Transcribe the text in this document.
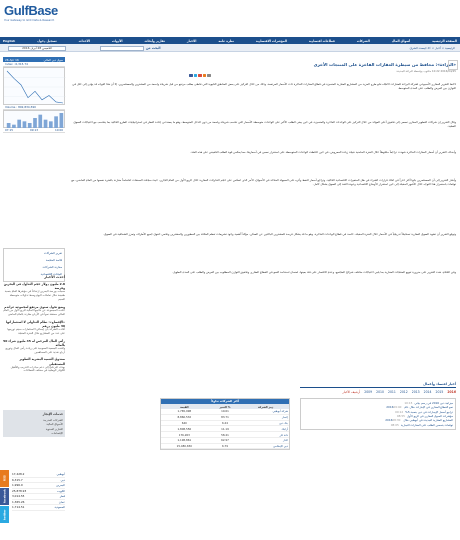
GulfBase
Your Gateway to GCC Data & Research
الصفحة الرئيسية
أسواق المال
الشركات
قطاعات اقتصادية
المؤشرات الاقتصادية
نظرة عامة
الاخبار
تقارير وأبحاث
الأدوات
الأحداث
تسجيل دخول
English
الخميس 28 أبريل 2016	البحث عن	الرئيسية > أخبار > ٥٤ جيست الشرق
26 Apr 16	سوق دبي المالي
Index : 6,315.74
Volume : 892,834,590
07:15	09:13	10:00
تقرير الشركات
قائمة المتابعة
مقارنة الشركات
البيانات الاقتصادية
أحدث الأخبار
2.8 مليون دولار حجم التداول في البحرين وقرصة
سجلت بورصة البحرين ارتفاعاً في مؤشرها العام بنسبة طفيفة خلال تعاملات اليوم وسط تداولات متوسطة الحجم
وضع تحول سنوي مرتفع لمجموعة غراندم
أعلنت المجموعة عن نتائجها المالية للربع الأول من العام الحالي محققة نمواً في الأرباح مقارنة بالعام الماضي
«الإفصاح»: نظام التداولي لا استثماراتها 39 مليون درهم
أفادت الشركة بأن إجمالي الاستثمارات سيتم توزيعها على عدد من المشاريع خلال الفترة المقبلة
رأس المال المرخص له 45 مليون شراء 50 بالمائة
وافقت الجمعية العمومية على زيادة رأس المال وتوزيع أرباح نقدية على المساهمين
صندوق التنمية البشرية التطوير المستقبلي
يهدف البرنامج إلى دعم مبادرات التدريب والتأهيل للكوادر الوطنية في مختلف القطاعات
خدمات الإيجار
الشركات المدرجة
الأسواق المالية
التقارير السنوية
الإفصاحات
17,428.2	أبوظبي
6,315.7	دبي
1,996.9	البحرين
25,878.93	الكويت
3,014.55	قطر
1,365.26	عمان
1,714.51	السعودية
RSS
facebook
twitter
«البراءة»: محافظ من سيطرة العقارات الفاخرة على المنتجات الأخرى
2016/04/25 10:22 مكتوب بواسطة البراءة الجديدة
لاحظ التقرير العقاري الأسبوعي لشركة البراءة للعقارات الاتجاه نحو طرح المزيد من المشاريع العقارية المتميزة في قطاع العقارات الفاخرة ذات الأسعار المرتفعة، وذلك من خلال التركيز على بعض المناطق الحيوية التي تحظى بطلب مرتفع من قبل شريحة واسعة من المشترين والمستثمرين، إلا أن هذا التوجه قد يؤدي إلى خلل في التوازن بين العرض والطلب على المدى المتوسط.
وقال التقرير إن شركات التطوير العقاري تسعى إلى تحقيق أعلى العوائد من خلال التركيز على الوحدات الفاخرة والمتميزة، في حين يبقى الطلب الأكبر على الوحدات متوسطة الأسعار التي تناسب شريحة واسعة من ذوي الدخل المتوسط، وهو ما يستدعي إعادة النظر في استراتيجيات الطرح الحالية بما يتناسب مع احتياجات السوق الفعلية.
وأضاف التقرير أن أسعار العقارات الفاخرة شهدت تراجعاً ملحوظاً خلال الفترة الماضية نتيجة زيادة المعروض، في حين حافظت الوحدات المتوسطة على استقرار نسبي في أسعارها، مما يعكس قوة الطلب الحقيقي على هذه الفئة.
وأشار التقرير إلى أن المستثمرين باتوا أكثر حذراً في اتخاذ قرارات الشراء في ظل المتغيرات الاقتصادية الحالية، وتراجع أسعار النفط وأثره على السيولة المتاحة في الأسواق، الأمر الذي انعكس على حجم التداولات العقارية خلال الربع الأول من العام الجاري، حيث سجلت الصفقات انخفاضاً مقارنة بالفترة نفسها من العام الماضي، مع توقعات باستمرار هذا التوجه خلال الأشهر المقبلة إلى حين استقرار الأوضاع الاقتصادية وعودة الثقة إلى السوق بشكل كامل.
وتوقع التقرير أن تشهد السوق العقارية تصحيحاً تدريجياً في الأسعار خلال الفترة المقبلة، خاصة في قطاع الوحدات الفاخرة، وهو ما قد يشكل فرصة للمشترين الباحثين عن السكن، مؤكداً أهمية وجود تشريعات تنظم العلاقة بين المطورين والمشترين وتحمي حقوق جميع الأطراف وتعزز الشفافية في السوق.
وفي الختام، شدد التقرير على ضرورة تنويع المنتجات العقارية بما يلبي احتياجات مختلف شرائح المجتمع، وعدم الاقتصار على فئة بعينها، لضمان استدامة النمو في القطاع العقاري وتحقيق التوازن المطلوب بين العرض والطلب على المدى الطويل.
أخبار اقتصاد وأعمال
2016
2015
2014
2013
2012
2011
2010
2009
أرشيف الأخبار
ميزانية دبي 2016 في رسم بياني10:15
نمو القطاع العقاري في الإمارات خلال عام 201609:40
تراجع أسعار الإيجارات في دبي بنسبة 5%09:12
مؤشرات السوق العقاري في الربع الأول08:55
المشاريع العقارية الجديدة في أبوظبي خلال 201608:30
توقعات بتحسن الطلب على العقارات التجارية08:05
أكثر الشركات تداولاً
القيمة	التغير %	رمز الشركة
1,765,998	19.61	شركة أبوظبي
8,860,532	83.71	إعمار
640	6.24	بنك دبي
1,808,556	11.19	أرابتك
176,263	58.41	دانة غاز
1,198,861	62.97	الدار
15,480,650	6.79	دبي الإسلامي
